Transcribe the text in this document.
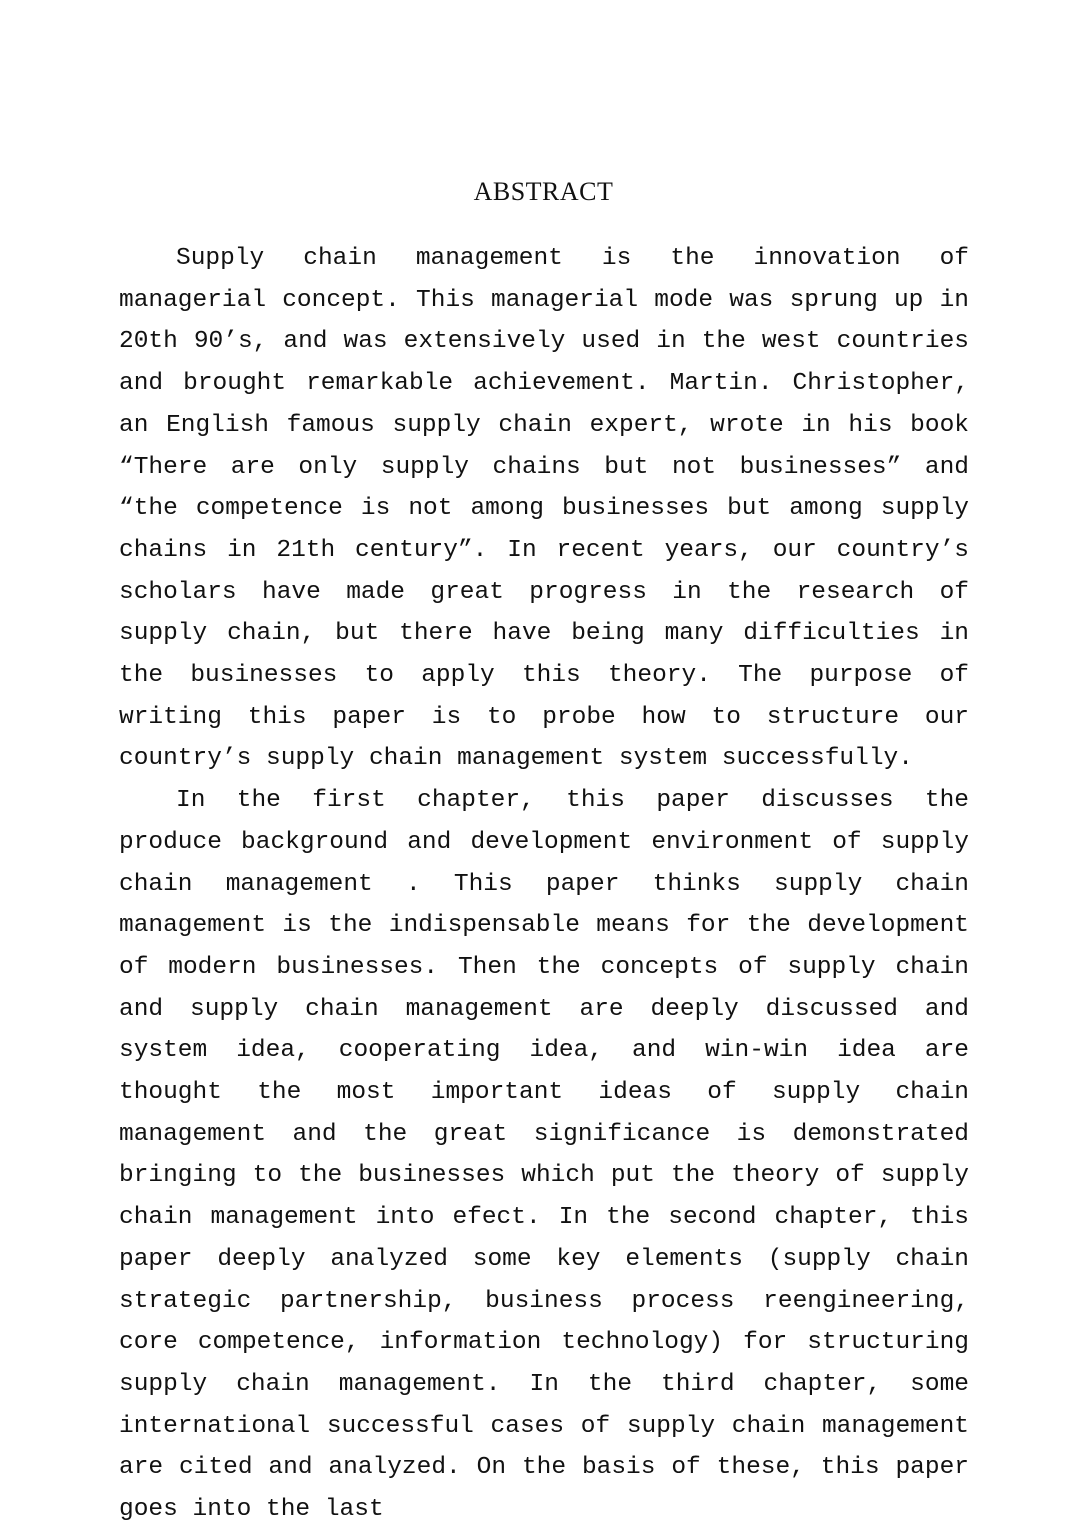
ABSTRACT

Supply chain management is the innovation of managerial concept. This managerial mode was sprung up in 20th 90’s, and was extensively used in the west countries and brought remarkable achievement. Martin. Christopher, an English famous supply chain expert, wrote in his book “There are only supply chains but not businesses” and “the competence is not among businesses but among supply chains in 21th century”. In recent years, our country’s scholars have made great progress in the research of supply chain, but there have being many difficulties in the businesses to apply this theory. The purpose of writing this paper is to probe how to structure our country’s supply chain management system successfully.

In the first chapter, this paper discusses the produce background and development environment of supply chain management . This paper thinks supply chain management is the indispensable means for the development of modern businesses. Then the concepts of supply chain and supply chain management are deeply discussed and system idea, cooperating idea, and win-win idea are thought the most important ideas of supply chain management and the great significance is demonstrated bringing to the businesses which put the theory of supply chain management into efect. In the second chapter, this paper deeply analyzed some key elements (supply chain strategic partnership, business process reengineering, core competence, information technology) for structuring supply chain management. In the third chapter, some international successful cases of supply chain management are cited and analyzed. On the basis of these, this paper goes into the last
